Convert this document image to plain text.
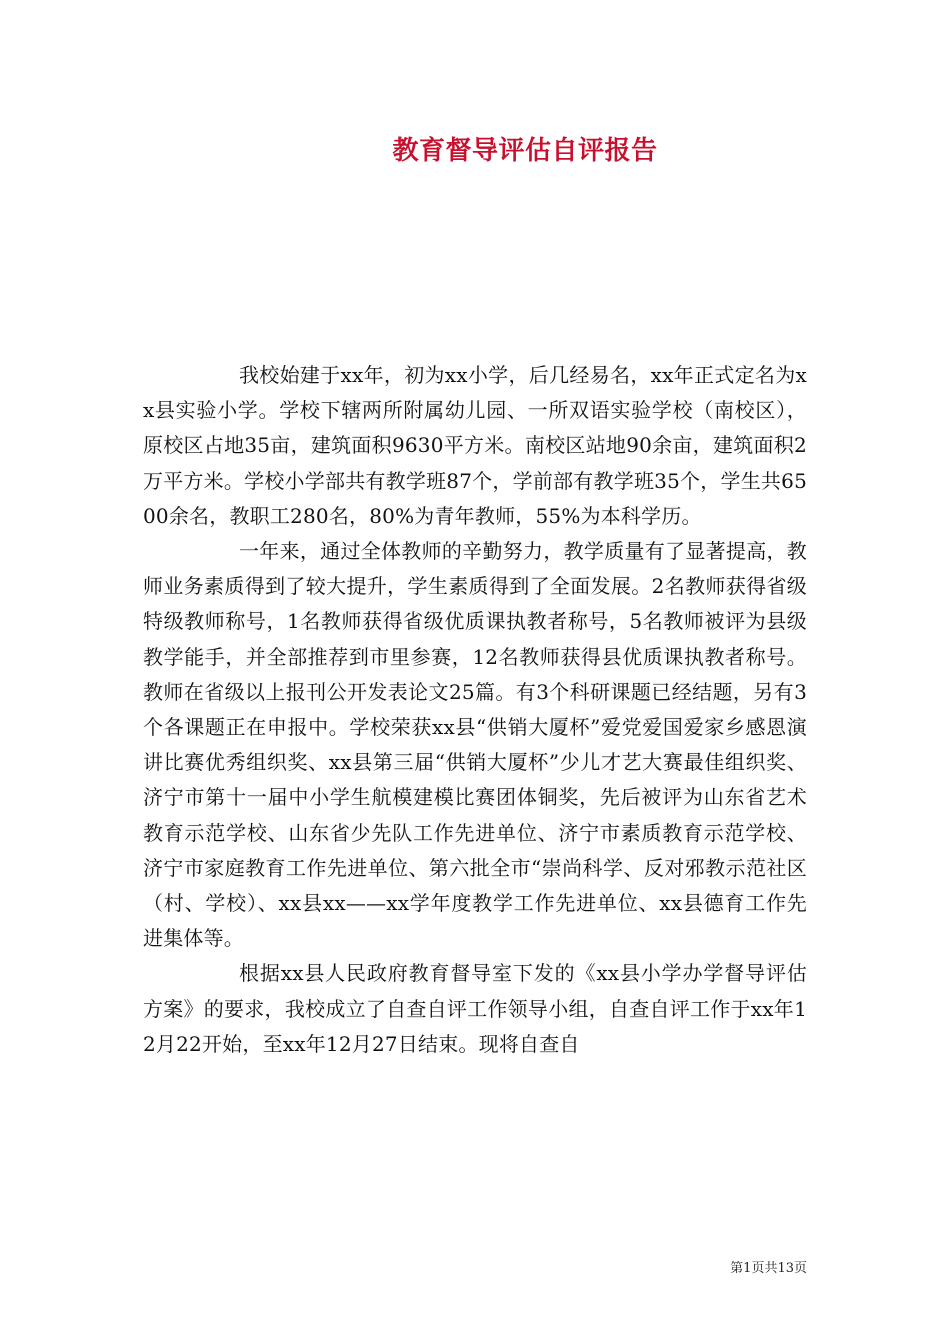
教育督导评估自评报告

我校始建于xx年，初为xx小学，后几经易名，xx年正式定名为xx县实验小学。学校下辖两所附属幼儿园、一所双语实验学校（南校区），原校区占地35亩，建筑面积9630平方米。南校区站地90余亩，建筑面积2万平方米。学校小学部共有教学班87个，学前部有教学班35个，学生共6500余名，教职工280名，80%为青年教师，55%为本科学历。

一年来，通过全体教师的辛勤努力，教学质量有了显著提高，教师业务素质得到了较大提升，学生素质得到了全面发展。2名教师获得省级特级教师称号，1名教师获得省级优质课执教者称号，5名教师被评为县级教学能手，并全部推荐到市里参赛，12名教师获得县优质课执教者称号。教师在省级以上报刊公开发表论文25篇。有3个科研课题已经结题，另有3个各课题正在申报中。学校荣获xx县“供销大厦杯”爱党爱国爱家乡感恩演讲比赛优秀组织奖、xx县第三届“供销大厦杯”少儿才艺大赛最佳组织奖、济宁市第十一届中小学生航模建模比赛团体铜奖，先后被评为山东省艺术教育示范学校、山东省少先队工作先进单位、济宁市素质教育示范学校、济宁市家庭教育工作先进单位、第六批全市“崇尚科学、反对邪教示范社区（村、学校）、xx县xx——xx学年度教学工作先进单位、xx县德育工作先进集体等。

根据xx县人民政府教育督导室下发的《xx县小学办学督导评估方案》的要求，我校成立了自查自评工作领导小组，自查自评工作于xx年12月22开始，至xx年12月27日结束。现将自查自

第1页共13页
